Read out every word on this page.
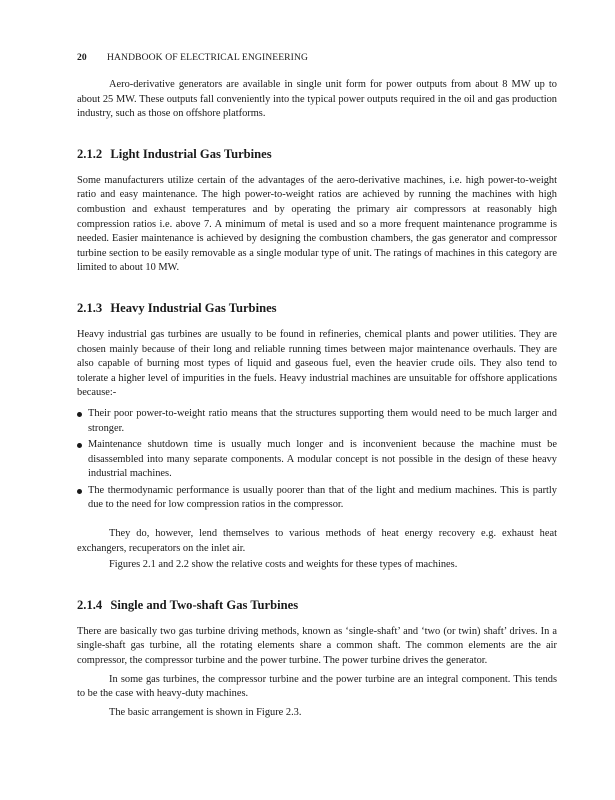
20 HANDBOOK OF ELECTRICAL ENGINEERING

Aero-derivative generators are available in single unit form for power outputs from about 8 MW up to about 25 MW. These outputs fall conveniently into the typical power outputs required in the oil and gas production industry, such as those on offshore platforms.

2.1.2 Light Industrial Gas Turbines

Some manufacturers utilize certain of the advantages of the aero-derivative machines, i.e. high power-to-weight ratio and easy maintenance. The high power-to-weight ratios are achieved by running the machines with high combustion and exhaust temperatures and by operating the primary air compressors at reasonably high compression ratios i.e. above 7. A minimum of metal is used and so a more frequent maintenance programme is needed. Easier maintenance is achieved by designing the combustion chambers, the gas generator and compressor turbine section to be easily removable as a single modular type of unit. The ratings of machines in this category are limited to about 10 MW.

2.1.3 Heavy Industrial Gas Turbines

Heavy industrial gas turbines are usually to be found in refineries, chemical plants and power utilities. They are chosen mainly because of their long and reliable running times between major maintenance overhauls. They are also capable of burning most types of liquid and gaseous fuel, even the heavier crude oils. They also tend to tolerate a higher level of impurities in the fuels. Heavy industrial machines are unsuitable for offshore applications because:-

Their poor power-to-weight ratio means that the structures supporting them would need to be much larger and stronger.
Maintenance shutdown time is usually much longer and is inconvenient because the machine must be disassembled into many separate components. A modular concept is not possible in the design of these heavy industrial machines.
The thermodynamic performance is usually poorer than that of the light and medium machines. This is partly due to the need for low compression ratios in the compressor.

They do, however, lend themselves to various methods of heat energy recovery e.g. exhaust heat exchangers, recuperators on the inlet air.

Figures 2.1 and 2.2 show the relative costs and weights for these types of machines.

2.1.4 Single and Two-shaft Gas Turbines

There are basically two gas turbine driving methods, known as ‘single-shaft’ and ‘two (or twin) shaft’ drives. In a single-shaft gas turbine, all the rotating elements share a common shaft. The common elements are the air compressor, the compressor turbine and the power turbine. The power turbine drives the generator.

In some gas turbines, the compressor turbine and the power turbine are an integral component. This tends to be the case with heavy-duty machines.

The basic arrangement is shown in Figure 2.3.
